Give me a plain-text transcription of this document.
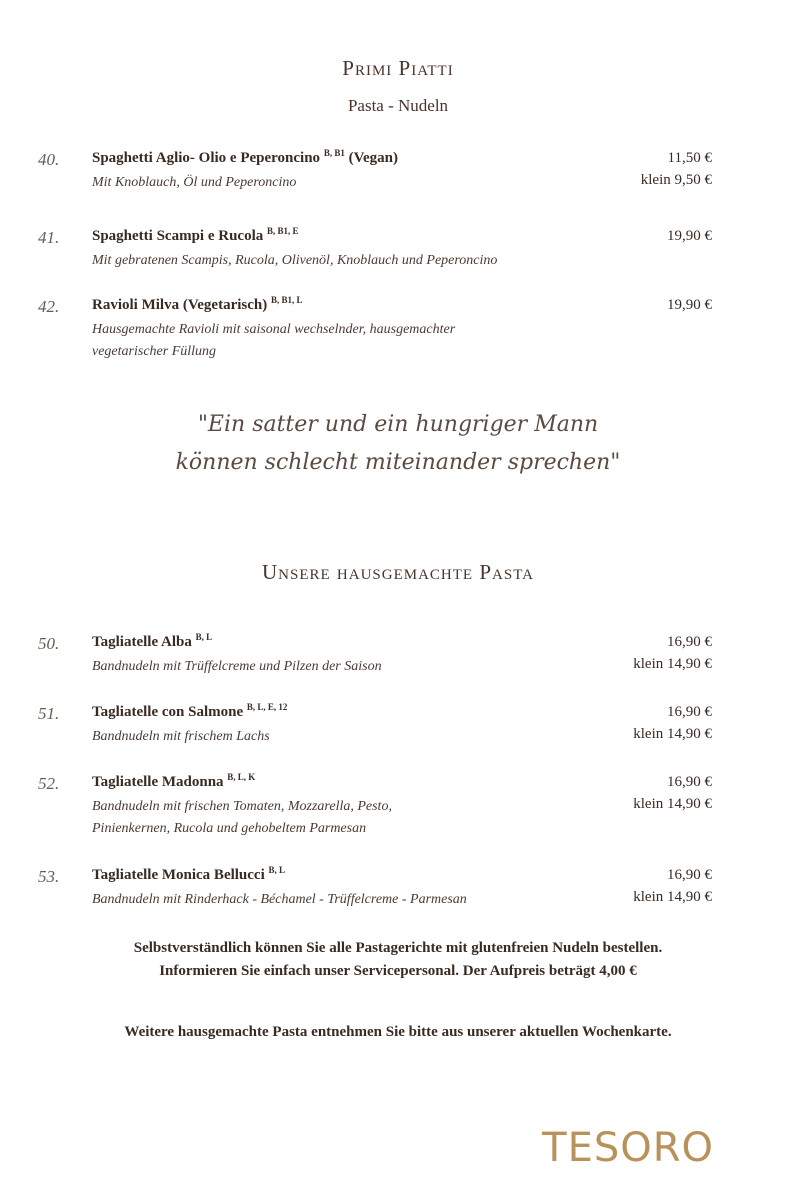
Primi Piatti
Pasta - Nudeln
40. Spaghetti Aglio- Olio e Peperoncino $^{B, B1}$ (Vegan)	11,50 €
klein 9,50 €
Mit Knoblauch, Öl und Peperoncino
41. Spaghetti Scampi e Rucola $^{B, B1, E}$	19,90 €
Mit gebratenen Scampis, Rucola, Olivenöl, Knoblauch und Peperoncino
42. Ravioli Milva (Vegetarisch) $^{B, B1, L}$	19,90 €
Hausgemachte Ravioli mit saisonal wechselnder, hausgemachter vegetarischer Füllung
"Ein satter und ein hungriger Mann
können schlecht miteinander sprechen"
Unsere hausgemachte Pasta
50. Tagliatelle Alba $^{B, L}$	16,90 €
klein 14,90 €
Bandnudeln mit Trüffelcreme und Pilzen der Saison
51. Tagliatelle con Salmone $^{B, L, E, 12}$	16,90 €
klein 14,90 €
Bandnudeln mit frischem Lachs
52. Tagliatelle Madonna $^{B, L, K}$	16,90 €
klein 14,90 €
Bandnudeln mit frischen Tomaten, Mozzarella, Pesto, Pinienkernen, Rucola und gehobeltem Parmesan
53. Tagliatelle Monica Bellucci $^{B, L}$	16,90 €
klein 14,90 €
Bandnudeln mit Rinderhack - Béchamel - Trüffelcreme - Parmesan
Selbstverständlich können Sie alle Pastagerichte mit glutenfreien Nudeln bestellen.
Informieren Sie einfach unser Servicepersonal. Der Aufpreis beträgt 4,00 €
Weitere hausgemachte Pasta entnehmen Sie bitte aus unserer aktuellen Wochenkarte.
TESORO
